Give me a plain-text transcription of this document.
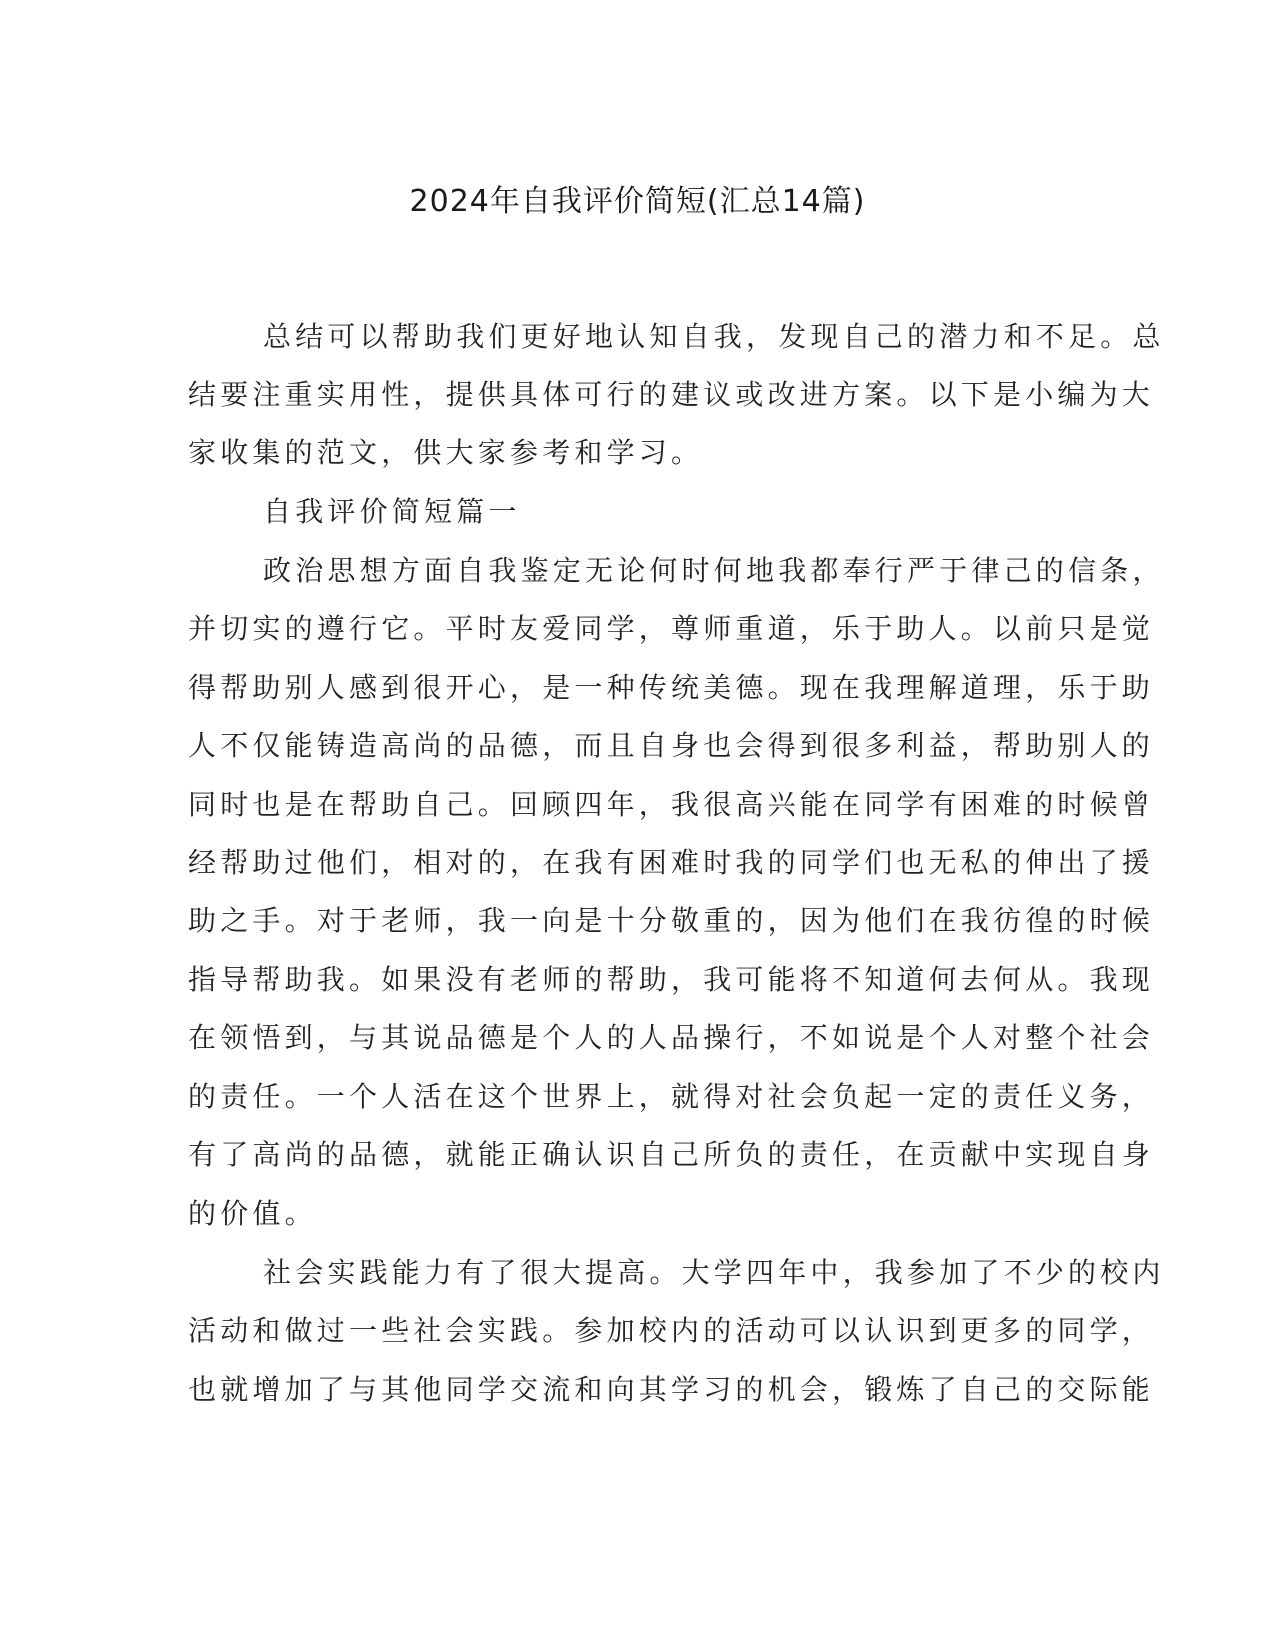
2024年自我评价简短(汇总14篇)
总结可以帮助我们更好地认知自我，发现自己的潜力和不足。总
结要注重实用性，提供具体可行的建议或改进方案。以下是小编为大
家收集的范文，供大家参考和学习。
自我评价简短篇一
政治思想方面自我鉴定无论何时何地我都奉行严于律己的信条，
并切实的遵行它。平时友爱同学，尊师重道，乐于助人。以前只是觉
得帮助别人感到很开心，是一种传统美德。现在我理解道理，乐于助
人不仅能铸造高尚的品德，而且自身也会得到很多利益，帮助别人的
同时也是在帮助自己。回顾四年，我很高兴能在同学有困难的时候曾
经帮助过他们，相对的，在我有困难时我的同学们也无私的伸出了援
助之手。对于老师，我一向是十分敬重的，因为他们在我彷徨的时候
指导帮助我。如果没有老师的帮助，我可能将不知道何去何从。我现
在领悟到，与其说品德是个人的人品操行，不如说是个人对整个社会
的责任。一个人活在这个世界上，就得对社会负起一定的责任义务，
有了高尚的品德，就能正确认识自己所负的责任，在贡献中实现自身
的价值。
社会实践能力有了很大提高。大学四年中，我参加了不少的校内
活动和做过一些社会实践。参加校内的活动可以认识到更多的同学，
也就增加了与其他同学交流和向其学习的机会，锻炼了自己的交际能
